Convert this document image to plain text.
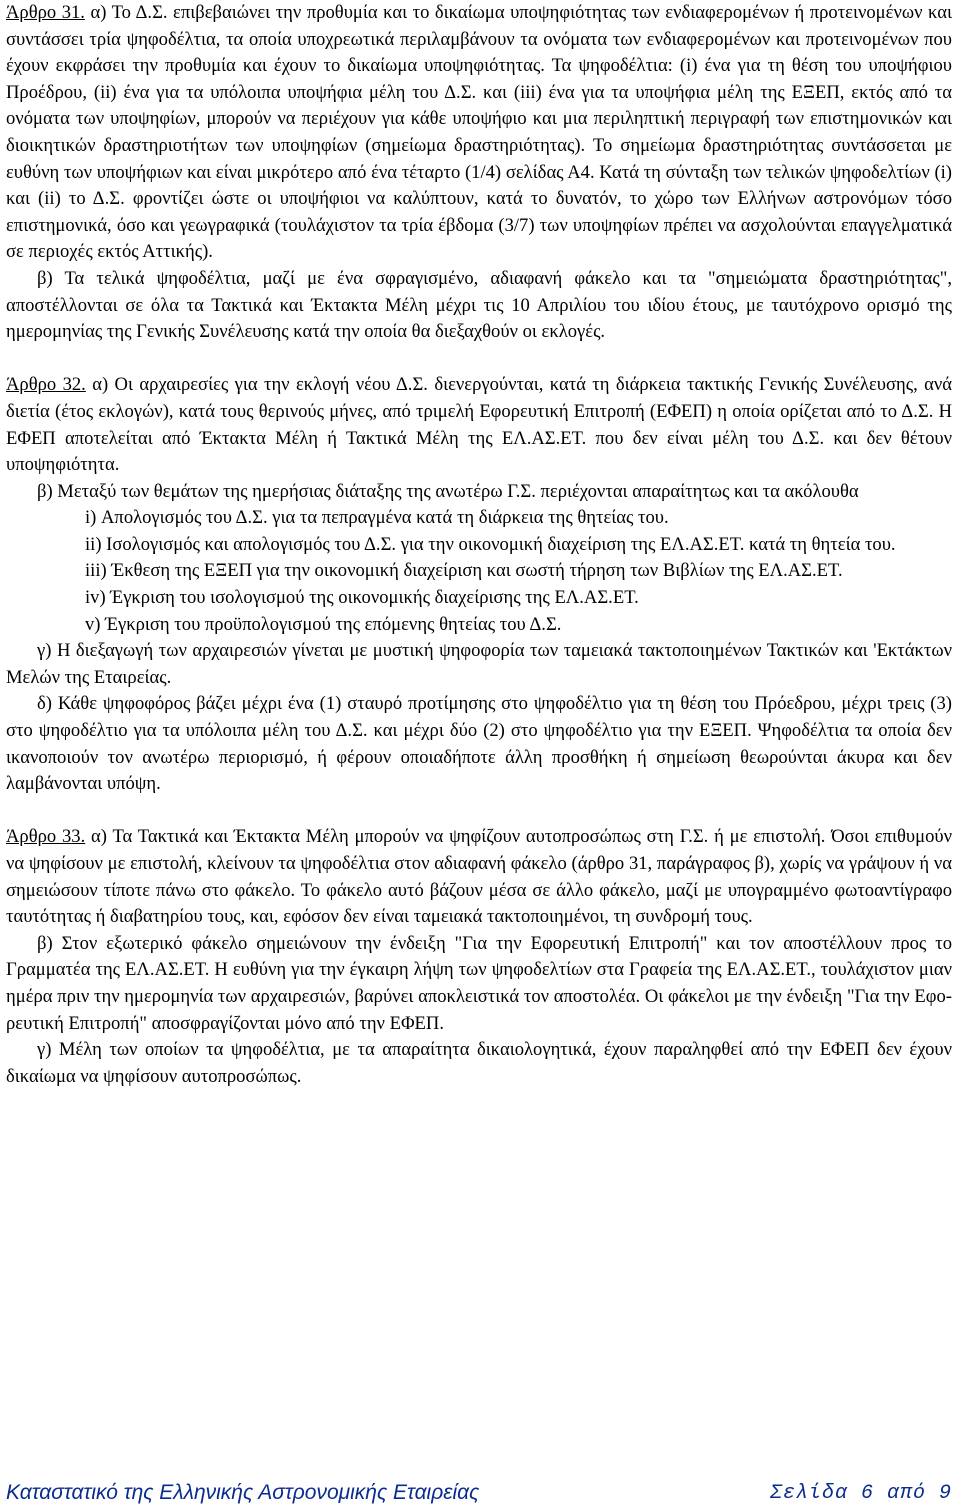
Άρθρο 31. α) Το Δ.Σ. επιβεβαιώνει την προθυμία και το δικαίωμα υποψηφιότητας των ενδιαφερομένων ή προτεινομένων και συντάσσει τρία ψηφοδέλτια, τα οποία υποχρεωτικά περιλαμβάνουν τα ονόματα των ενδιαφερομένων και προτεινομένων που έχουν εκφράσει την προθυμία και έχουν το δικαίωμα υποψηφιότητας. Τα ψηφοδέλτια: (i) ένα για τη θέση του υποψήφιου Προέδρου, (ii) ένα για τα υπόλοιπα υποψήφια μέλη του Δ.Σ. και (iii) ένα για τα υποψήφια μέλη της ΕΞΕΠ, εκτός από τα ονόματα των υποψηφίων, μπορούν να περιέχουν για κάθε υποψήφιο και μια περιληπτική περιγραφή των επιστημονικών και διοικητικών δραστηριοτήτων των υποψηφίων (σημείωμα δραστηριότητας). Το σημείωμα δραστηριότητας συντάσσεται με ευθύνη των υποψήφιων και είναι μικρότερο από ένα τέταρτο (1/4) σελίδας Α4. Κατά τη σύνταξη των τελικών ψηφοδελτίων (i) και (ii) το Δ.Σ. φροντίζει ώστε οι υποψήφιοι να καλύπτουν, κατά το δυνατόν, το χώρο των Ελλήνων αστρονόμων τόσο επιστημονικά, όσο και γεωγραφικά (τουλάχιστον τα τρία έβδομα (3/7) των υποψηφίων πρέπει να ασχολούνται επαγγελματικά σε περιοχές εκτός Αττικής).

β) Τα τελικά ψηφοδέλτια, μαζί με ένα σφραγισμένο, αδιαφανή φάκελο και τα "σημειώματα δραστηριότητας", αποστέλλονται σε όλα τα Τακτικά και Έκτακτα Μέλη μέχρι τις 10 Απριλίου του ιδίου έτους, με ταυτόχρονο ορισμό της ημερομηνίας της Γενικής Συνέλευσης κατά την οποία θα διεξαχθούν οι εκλογές.

Άρθρο 32. α) Οι αρχαιρεσίες για την εκλογή νέου Δ.Σ. διενεργούνται, κατά τη διάρκεια τακτικής Γενικής Συνέλευσης, ανά διετία (έτος εκλογών), κατά τους θερινούς μήνες, από τριμελή Εφορευτική Επιτροπή (ΕΦΕΠ) η οποία ορίζεται από το Δ.Σ. Η ΕΦΕΠ αποτελείται από Έκτακτα Μέλη ή Τακτικά Μέλη της ΕΛ.ΑΣ.ΕΤ. που δεν είναι μέλη του Δ.Σ. και δεν θέτουν υποψηφιότητα.

β) Μεταξύ των θεμάτων της ημερήσιας διάταξης της ανωτέρω Γ.Σ. περιέχονται απαραίτητως και τα ακόλουθα

i) Απολογισμός του Δ.Σ. για τα πεπραγμένα κατά τη διάρκεια της θητείας του.

ii) Ισολογισμός και απολογισμός του Δ.Σ. για την οικονομική διαχείριση της ΕΛ.ΑΣ.ΕΤ. κατά τη θητεία του.

iii) Έκθεση της ΕΞΕΠ για την οικονομική διαχείριση και σωστή τήρηση των Βιβλίων της ΕΛ.ΑΣ.ΕΤ.

iv) Έγκριση του ισολογισμού της οικονομικής διαχείρισης της ΕΛ.ΑΣ.ΕΤ.

v) Έγκριση του προϋπολογισμού της επόμενης θητείας του Δ.Σ.

γ) Η διεξαγωγή των αρχαιρεσιών γίνεται με μυστική ψηφοφορία των ταμειακά τακτοποιημένων Τακτικών και 'Εκτάκτων Μελών της Εταιρείας.

δ) Κάθε ψηφοφόρος βάζει μέχρι ένα (1) σταυρό προτίμησης στο ψηφοδέλτιο για τη θέση του Πρόεδρου, μέχρι τρεις (3) στο ψηφοδέλτιο για τα υπόλοιπα μέλη του Δ.Σ. και μέχρι δύο (2) στο ψηφοδέλτιο για την ΕΞΕΠ. Ψηφοδέλτια τα οποία δεν ικανοποιούν τον ανωτέρω περιορισμό, ή φέρουν οποιαδήποτε άλλη προσθήκη ή σημείωση θεωρούνται άκυρα και δεν λαμβάνονται υπόψη.

Άρθρο 33. α) Τα Τακτικά και Έκτακτα Μέλη μπορούν να ψηφίζουν αυτοπροσώπως στη Γ.Σ. ή με επιστολή. Όσοι επιθυμούν να ψηφίσουν με επιστολή, κλείνουν τα ψηφοδέλτια στον αδιαφανή φάκελο (άρθρο 31, παράγραφος β), χωρίς να γράψουν ή να σημειώσουν τίποτε πάνω στο φάκελο. Το φάκελο αυτό βάζουν μέσα σε άλλο φάκελο, μαζί με υπογραμμένο φωτοαντίγραφο ταυτότητας ή διαβατηρίου τους, και, εφόσον δεν είναι ταμειακά τακτοποιημένοι, τη συνδρομή τους.

β) Στον εξωτερικό φάκελο σημειώνουν την ένδειξη "Για την Εφορευτική Επιτροπή" και τον αποστέλλουν προς το Γραμματέα της ΕΛ.ΑΣ.ΕΤ. Η ευθύνη για την έγκαιρη λήψη των ψηφοδελτίων στα Γραφεία της ΕΛ.ΑΣ.ΕΤ., τουλάχιστον μιαν ημέρα πριν την ημερομηνία των αρχαιρεσιών, βαρύνει αποκλειστικά τον αποστολέα. Οι φάκελοι με την ένδειξη "Για την Εφορευτική Επιτροπή" αποσφραγίζονται μόνο από την ΕΦΕΠ.

γ) Μέλη των οποίων τα ψηφοδέλτια, με τα απαραίτητα δικαιολογητικά, έχουν παραληφθεί από την ΕΦΕΠ δεν έχουν δικαίωμα να ψηφίσουν αυτοπροσώπως.

Καταστατικό της Ελληνικής Αστρονομικής Εταιρείας	Σελίδα 6 από 9
